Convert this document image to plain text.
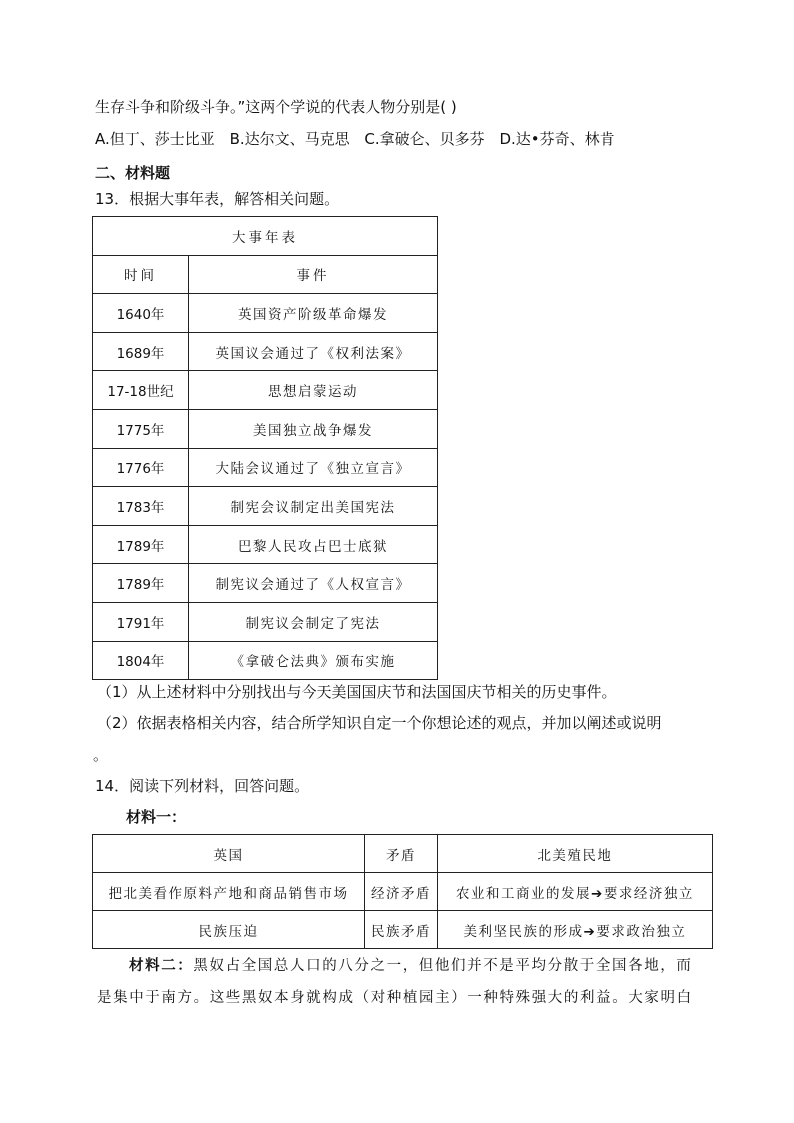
生存斗争和阶级斗争。”这两个学说的代表人物分别是( )
A.但丁、莎士比亚 B.达尔文、马克思 C.拿破仑、贝多芬 D.达•芬奇、林肯
二、材料题
13．根据大事年表，解答相关问题。
大事年表	
时间	事件
1640年	英国资产阶级革命爆发
1689年	英国议会通过了《权利法案》
17-18世纪	思想启蒙运动
1775年	美国独立战争爆发
1776年	大陆会议通过了《独立宣言》
1783年	制宪会议制定出美国宪法
1789年	巴黎人民攻占巴士底狱
1789年	制宪议会通过了《人权宣言》
1791年	制宪议会制定了宪法
1804年	《拿破仑法典》颁布实施
（1）从上述材料中分别找出与今天美国国庆节和法国国庆节相关的历史事件。
（2）依据表格相关内容，结合所学知识自定一个你想论述的观点，并加以阐述或说明
。
14．阅读下列材料，回答问题。
材料一：
英国	矛盾	北美殖民地
把北美看作原料产地和商品销售市场	经济矛盾	农业和工商业的发展➔要求经济独立
民族压迫	民族矛盾	美利坚民族的形成➔要求政治独立
材料二：黑奴占全国总人口的八分之一，但他们并不是平均分散于全国各地，而
是集中于南方。这些黑奴本身就构成（对种植园主）一种特殊强大的利益。大家明白
